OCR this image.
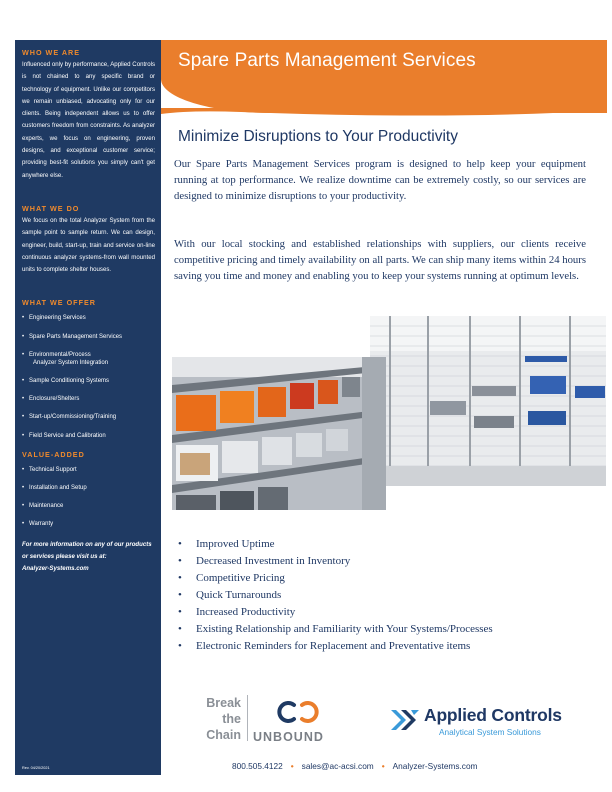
WHO WE ARE
Influenced only by performance, Applied Controls is not chained to any specific brand or technology of equipment. Unlike our competitors we remain unbiased, advocating only for our clients. Being independent allows us to offer customers freedom from constraints. As analyzer experts, we focus on engineering, proven designs, and exceptional customer service; providing best-fit solutions you simply can't get anywhere else.
WHAT WE DO
We focus on the total Analyzer System from the sample point to sample return. We can design, engineer, build, start-up, train and service on-line continuous analyzer systems-from wall mounted units to complete shelter houses.
WHAT WE OFFER
• Engineering Services
• Spare Parts Management Services
• Environmental/Process
Analyzer System Integration
• Sample Conditioning Systems
• Enclosure/Shelters
• Start-up/Commissioning/Training
• Field Service and Calibration
VALUE-ADDED
• Technical Support
• Installation and Setup
• Maintenance
• Warranty
For more information on any of our products or services please visit us at:
Analyzer-Systems.com
Rev. 04/20/2021
Spare Parts Management Services
Minimize Disruptions to Your Productivity
Our Spare Parts Management Services program is designed to help keep your equipment running at top performance. We realize downtime can be extremely costly, so our services are designed to minimize disruptions to your productivity.
With our local stocking and established relationships with suppliers, our clients receive competitive pricing and timely availability on all parts. We can ship many items within 24 hours saving you time and money and enabling you to keep your systems running at optimum levels.
• Improved Uptime
• Decreased Investment in Inventory
• Competitive Pricing
• Quick Turnarounds
• Increased Productivity
• Existing Relationship and Familiarity with Your Systems/Processes
• Electronic Reminders for Replacement and Preventative items
Break
the
Chain UNBOUND
Applied Controls
Analytical System Solutions
800.505.4122 • sales@ac-acsi.com • Analyzer-Systems.com
